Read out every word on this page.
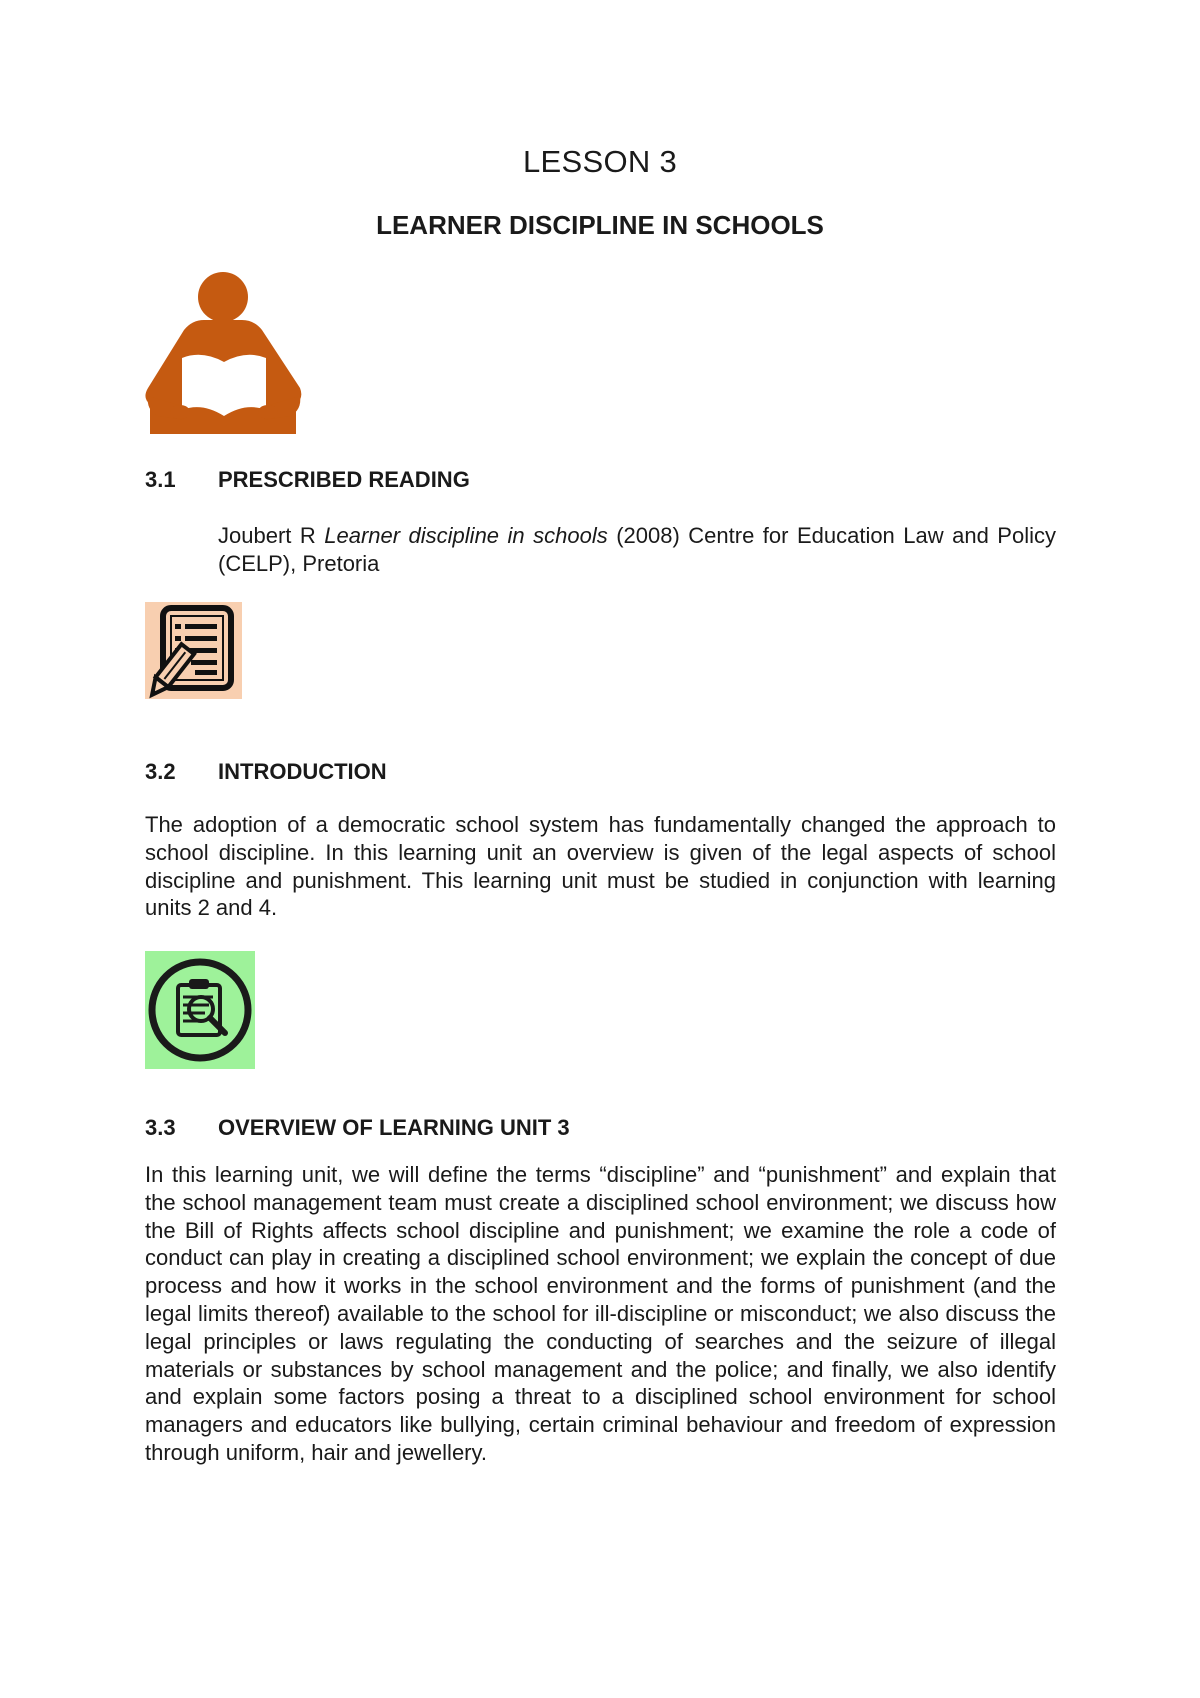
LESSON 3
LEARNER DISCIPLINE IN SCHOOLS
3.1	PRESCRIBED READING

Joubert R Learner discipline in schools (2008) Centre for Education Law and Policy (CELP), Pretoria

3.2	INTRODUCTION

The adoption of a democratic school system has fundamentally changed the approach to school discipline. In this learning unit an overview is given of the legal aspects of school discipline and punishment. This learning unit must be studied in conjunction with learning units 2 and 4.

3.3	OVERVIEW OF LEARNING UNIT 3

In this learning unit, we will define the terms “discipline” and “punishment” and explain that the school management team must create a disciplined school environment; we discuss how the Bill of Rights affects school discipline and punishment; we examine the role a code of conduct can play in creating a disciplined school environment; we explain the concept of due process and how it works in the school environment and the forms of punishment (and the legal limits thereof) available to the school for ill-discipline or misconduct; we also discuss the legal principles or laws regulating the conducting of searches and the seizure of illegal materials or substances by school management and the police; and finally, we also identify and explain some factors posing a threat to a disciplined school environment for school managers and educators like bullying, certain criminal behaviour and freedom of expression through uniform, hair and jewellery.
